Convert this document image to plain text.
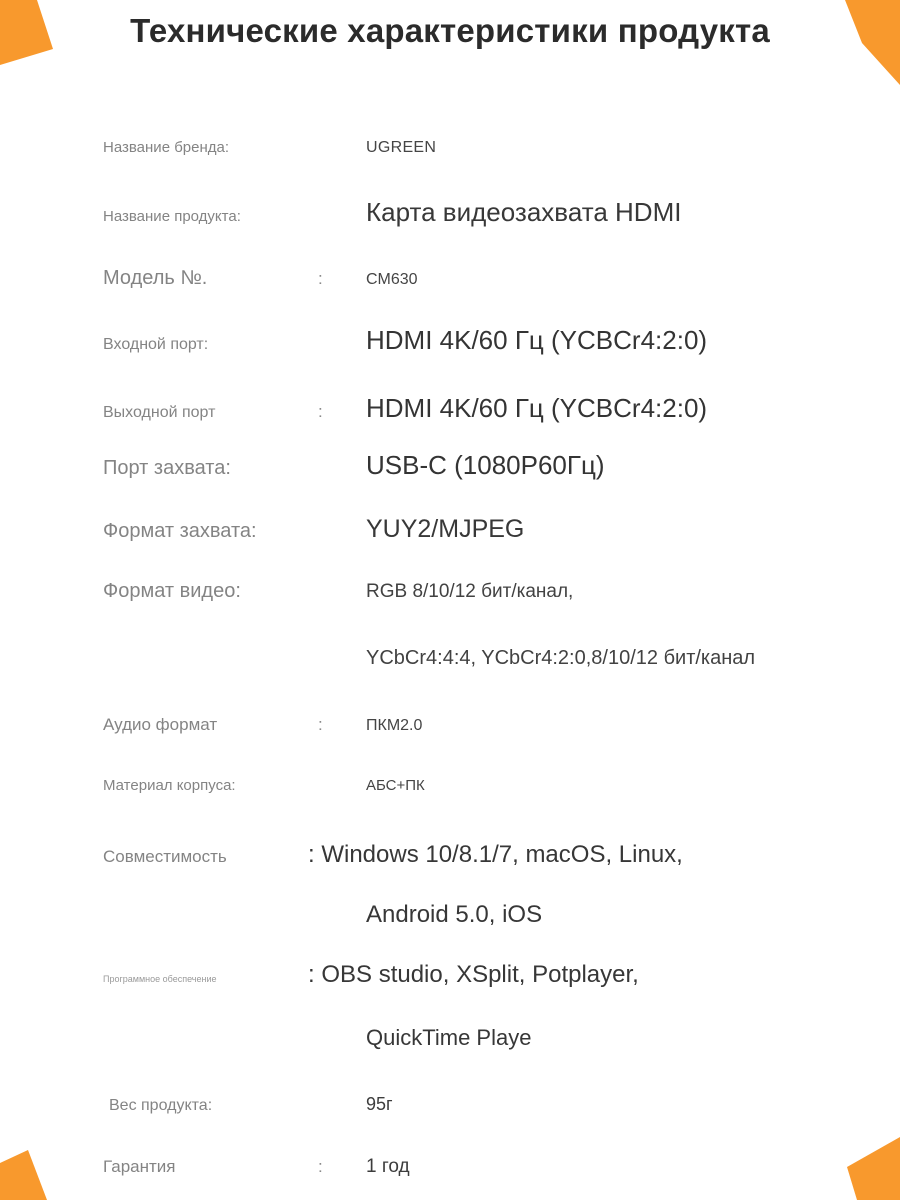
Технические характеристики продукта
Название бренда:	UGREEN
Название продукта:	Карта видеозахвата HDMI
Модель №.	:	CM630
Входной порт:	HDMI 4K/60 Гц (YCBCr4:2:0)
Выходной порт	:	HDMI 4K/60 Гц (YCBCr4:2:0)
Порт захвата:	USB-C (1080P60Гц)
Формат захвата:	YUY2/MJPEG
Формат видео:	RGB 8/10/12 бит/канал,
YCbCr4:4:4, YCbCr4:2:0,8/10/12 бит/канал
Аудио формат	:	ПКМ2.0
Материал корпуса:	АБС+ПК
Совместимость	: Windows 10/8.1/7, macOS, Linux,
Android 5.0, iOS
Программное обеспечение	: OBS studio, XSplit, Potplayer,
QuickTime Playe
Вес продукта:	95г
Гарантия	:	1 год
